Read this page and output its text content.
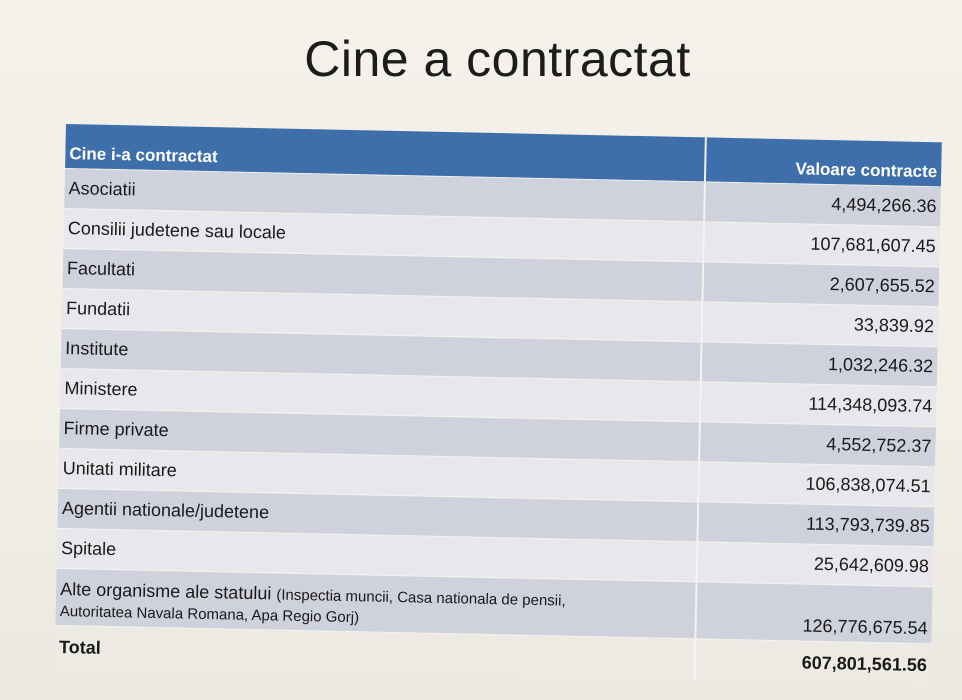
Cine a contractat
Cine i-a contractat	Valoare contracte
Asociatii	4,494,266.36
Consilii judetene sau locale	107,681,607.45
Facultati	2,607,655.52
Fundatii	33,839.92
Institute	1,032,246.32
Ministere	114,348,093.74
Firme private	4,552,752.37
Unitati militare	106,838,074.51
Agentii nationale/judetene	113,793,739.85
Spitale	25,642,609.98
Alte organisme ale statului (Inspectia muncii, Casa nationala de pensii,
Autoritatea Navala Romana, Apa Regio Gorj)	126,776,675.54
Total	607,801,561.56
